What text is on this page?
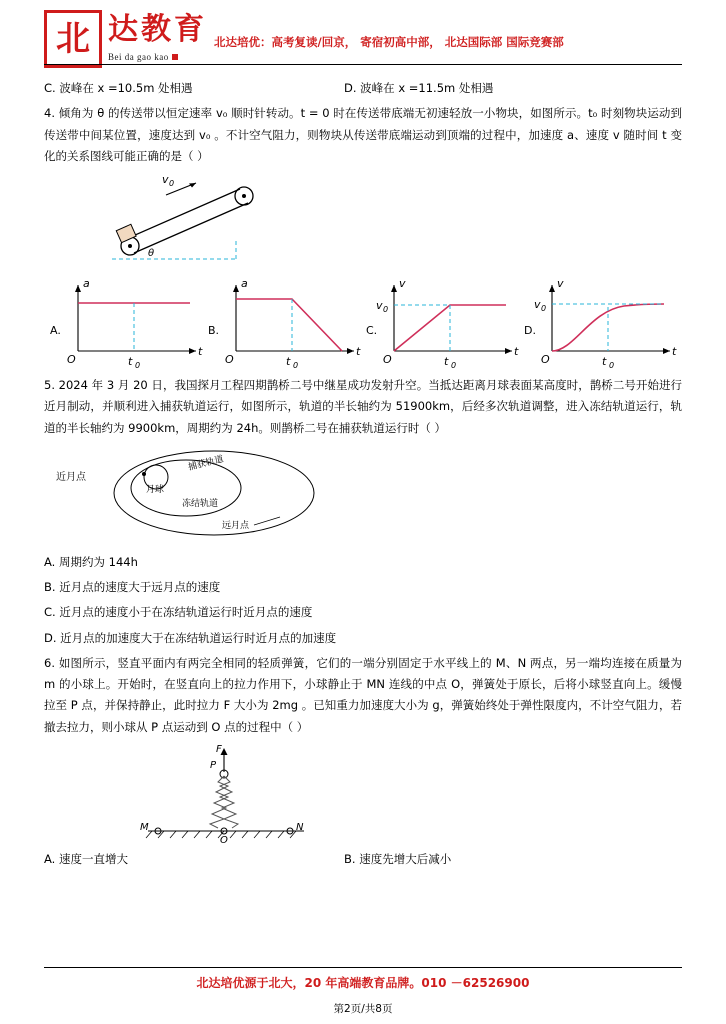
北 达教育
Bei da gao kao
北达培优：高考复读/回京， 寄宿初高中部， 北达国际部 国际竞赛部
C. 波峰在 x =10.5m 处相遇	D. 波峰在 x =11.5m 处相遇
4. 倾角为 θ 的传送带以恒定速率 v₀ 顺时针转动。t = 0 时在传送带底端无初速轻放一小物块，如图所示。t₀ 时刻物块运动到传送带中间某位置，速度达到 v₀ 。不计空气阻力，则物块从传送带底端运动到顶端的过程中，加速度 a、速度 v 随时间 t 变化的关系图线可能正确的是（ ）
v 0
θ
A.
a
t
O	t 0
B.
a
t
O	t 0
C.
v
t
O	t 0
v 0
D.
v
t
O	t 0
v 0
5. 2024 年 3 月 20 日，我国探月工程四期鹊桥二号中继星成功发射升空。当抵达距离月球表面某高度时，鹊桥二号开始进行近月制动，并顺利进入捕获轨道运行，如图所示，轨道的半长轴约为 51900km，后经多次轨道调整，进入冻结轨道运行，轨道的半长轴约为 9900km，周期约为 24h。则鹊桥二号在捕获轨道运行时（ ）
近月点
月球
捕获轨道
冻结轨道
远月点
A. 周期约为 144h
B. 近月点的速度大于远月点的速度
C. 近月点的速度小于在冻结轨道运行时近月点的速度
D. 近月点的加速度大于在冻结轨道运行时近月点的加速度
6. 如图所示，竖直平面内有两完全相同的轻质弹簧，它们的一端分别固定于水平线上的 M、N 两点，另一端均连接在质量为 m 的小球上。开始时，在竖直向上的拉力作用下，小球静止于 MN 连线的中点 O，弹簧处于原长，后将小球竖直向上。缓慢拉至 P 点，并保持静止，此时拉力 F 大小为 2mg 。已知重力加速度大小为 g，弹簧始终处于弹性限度内，不计空气阻力，若撤去拉力，则小球从 P 点运动到 O 点的过程中（ ）
F
P
M	N
O
A. 速度一直增大	B. 速度先增大后减小
北达培优源于北大，20 年高端教育品牌。010 －62526900
第2页/共8页
